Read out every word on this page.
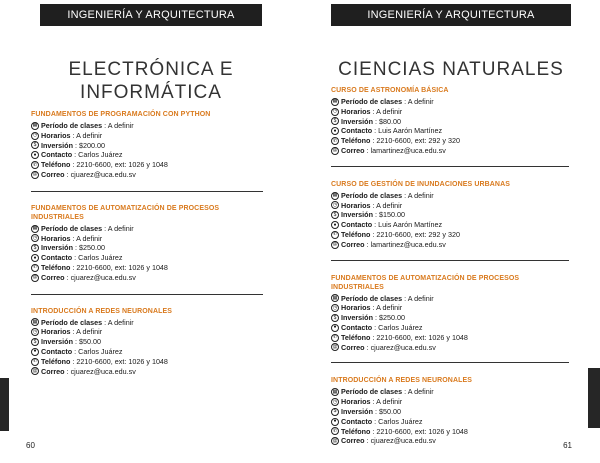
INGENIERÍA Y ARQUITECTURA
ELECTRÓNICA E
INFORMÁTICA
FUNDAMENTOS DE PROGRAMACIÓN CON PYTHON
▦ Período de clases : A definir
◷ Horarios : A definir
$ Inversión : $200.00
● Contacto : Carlos Juárez
✆ Teléfono : 2210-6600, ext: 1026 y 1048
@ Correo : cjuarez@uca.edu.sv
FUNDAMENTOS DE AUTOMATIZACIÓN DE PROCESOS INDUSTRIALES
▦ Período de clases : A definir
◷ Horarios : A definir
$ Inversión : $250.00
● Contacto : Carlos Juárez
✆ Teléfono : 2210-6600, ext: 1026 y 1048
@ Correo : cjuarez@uca.edu.sv
INTRODUCCIÓN A REDES NEURONALES
▦ Período de clases : A definir
◷ Horarios : A definir
$ Inversión : $50.00
● Contacto : Carlos Juárez
✆ Teléfono : 2210-6600, ext: 1026 y 1048
@ Correo : cjuarez@uca.edu.sv
60
INGENIERÍA Y ARQUITECTURA
CIENCIAS NATURALES
CURSO DE ASTRONOMÍA BÁSICA
▦ Período de clases : A definir
◷ Horarios : A definir
$ Inversión : $80.00
● Contacto : Luis Aarón Martínez
✆ Teléfono : 2210-6600, ext: 292 y 320
@ Correo : lamartinez@uca.edu.sv
CURSO DE GESTIÓN DE INUNDACIONES URBANAS
▦ Período de clases : A definir
◷ Horarios : A definir
$ Inversión : $150.00
● Contacto : Luis Aarón Martínez
✆ Teléfono : 2210-6600, ext: 292 y 320
@ Correo : lamartinez@uca.edu.sv
FUNDAMENTOS DE AUTOMATIZACIÓN DE PROCESOS INDUSTRIALES
▦ Período de clases : A definir
◷ Horarios : A definir
$ Inversión : $250.00
● Contacto : Carlos Juárez
✆ Teléfono : 2210-6600, ext: 1026 y 1048
@ Correo : cjuarez@uca.edu.sv
INTRODUCCIÓN A REDES NEURONALES
▦ Período de clases : A definir
◷ Horarios : A definir
$ Inversión : $50.00
● Contacto : Carlos Juárez
✆ Teléfono : 2210-6600, ext: 1026 y 1048
@ Correo : cjuarez@uca.edu.sv
61
